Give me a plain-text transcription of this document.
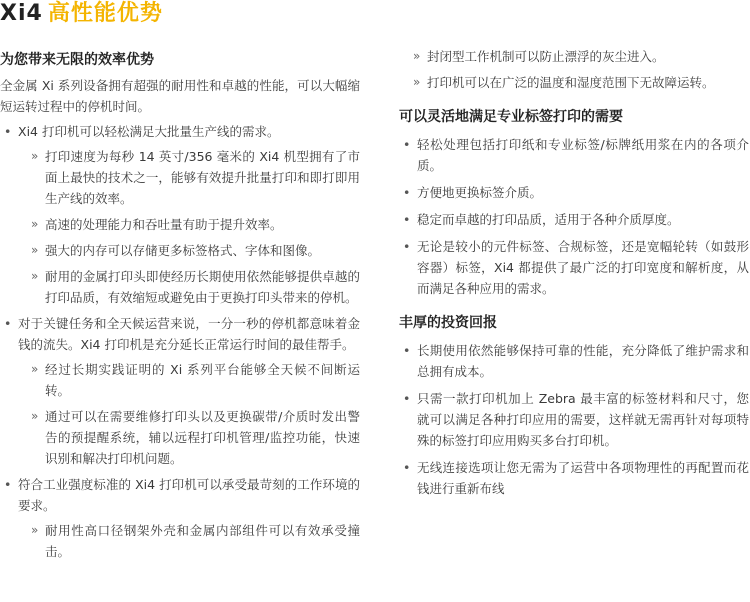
Xi4 高性能优势
为您带来无限的效率优势

全金属 Xi 系列设备拥有超强的耐用性和卓越的性能，可以大幅缩短运转过程中的停机时间。

• Xi4 打印机可以轻松满足大批量生产线的需求。
» 打印速度为每秒 14 英寸/356 毫米的 Xi4 机型拥有了市面上最快的技术之一，能够有效提升批量打印和即打即用生产线的效率。
» 高速的处理能力和吞吐量有助于提升效率。
» 强大的内存可以存储更多标签格式、字体和图像。
» 耐用的金属打印头即使经历长期使用依然能够提供卓越的打印品质，有效缩短或避免由于更换打印头带来的停机。
• 对于关键任务和全天候运营来说，一分一秒的停机都意味着金钱的流失。Xi4 打印机是充分延长正常运行时间的最佳帮手。
» 经过长期实践证明的 Xi 系列平台能够全天候不间断运转。
» 通过可以在需要维修打印头以及更换碳带/介质时发出警告的预提醒系统，辅以远程打印机管理/监控功能，快速识别和解决打印机问题。
• 符合工业强度标准的 Xi4 打印机可以承受最苛刻的工作环境的要求。
» 耐用性高口径钢架外壳和金属内部组件可以有效承受撞击。
» 封闭型工作机制可以防止漂浮的灰尘进入。
» 打印机可以在广泛的温度和湿度范围下无故障运转。
可以灵活地满足专业标签打印的需要
• 轻松处理包括打印纸和专业标签/标牌纸用浆在内的各项介质。
• 方便地更换标签介质。
• 稳定而卓越的打印品质，适用于各种介质厚度。
• 无论是较小的元件标签、合规标签，还是宽幅轮转（如鼓形容器）标签，Xi4 都提供了最广泛的打印宽度和解析度，从而满足各种应用的需求。
丰厚的投资回报
• 长期使用依然能够保持可靠的性能，充分降低了维护需求和总拥有成本。
• 只需一款打印机加上 Zebra 最丰富的标签材料和尺寸，您就可以满足各种打印应用的需要，这样就无需再针对每项特殊的标签打印应用购买多台打印机。
• 无线连接选项让您无需为了运营中各项物理性的再配置而花钱进行重新布线
